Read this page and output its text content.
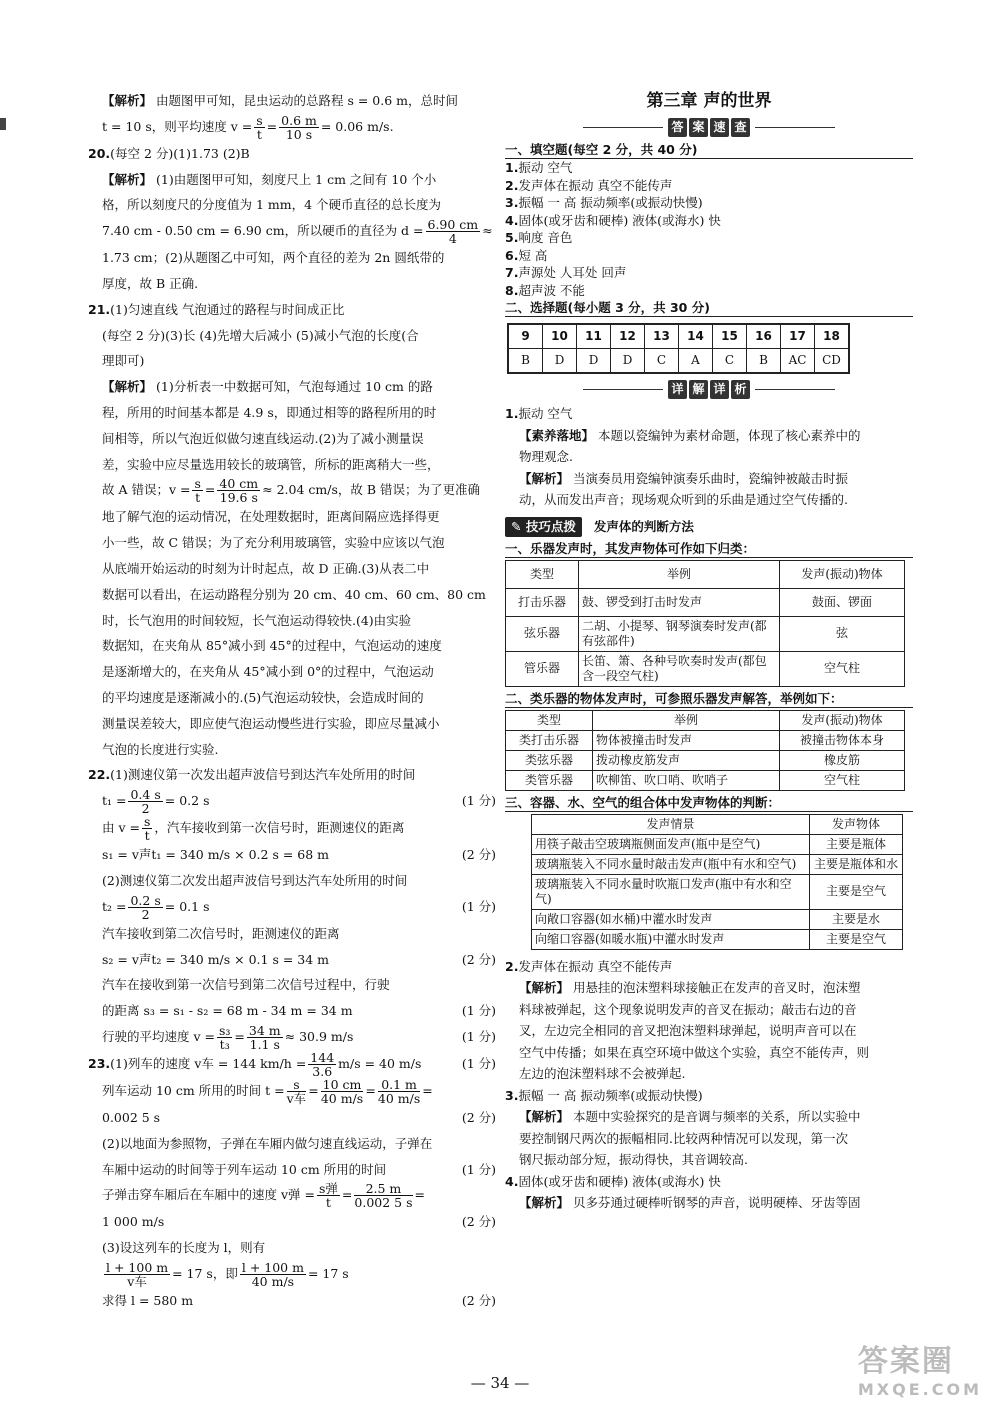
【解析】 由题图甲可知，昆虫运动的总路程 s = 0.6 m，总时间

t = 10 s，则平均速度 $v = \frac{s}{t} = \frac{0.6 m}{10 s} = 0.06$ m/s.

20.(每空 2 分)(1)1.73 (2)B

【解析】 (1)由题图甲可知，刻度尺上 1 cm 之间有 10 个小

格，所以刻度尺的分度值为 1 mm，4 个硬币直径的总长度为

7.40 cm - 0.50 cm = 6.90 cm，所以硬币的直径为 $d = \frac{6.90 cm}{4}$ ≈

1.73 cm；(2)从题图乙中可知，两个直径的差为 2n 圆纸带的

厚度，故 B 正确.

21.(1)匀速直线 气泡通过的路程与时间成正比

(每空 2 分)(3)长 (4)先增大后减小 (5)减小气泡的长度(合

理即可)

【解析】 (1)分析表一中数据可知，气泡每通过 10 cm 的路

程，所用的时间基本都是 4.9 s，即通过相等的路程所用的时

间相等，所以气泡近似做匀速直线运动.(2)为了减小测量误

差，实验中应尽量选用较长的玻璃管，所标的距离稍大一些，

故 A 错误；$v = \frac{s}{t} = \frac{40 cm}{19.6 s} \approx 2.04$ cm/s，故 B 错误；为了更准确

地了解气泡的运动情况，在处理数据时，距离间隔应选择得更

小一些，故 C 错误；为了充分利用玻璃管，实验中应该以气泡

从底端开始运动的时刻为计时起点，故 D 正确.(3)从表二中

数据可以看出，在运动路程分别为 20 cm、40 cm、60 cm、80 cm

时，长气泡用的时间较短，长气泡运动得较快.(4)由实验

数据知，在夹角从 85°减小到 45°的过程中，气泡运动的速度

是逐渐增大的，在夹角从 45°减小到 0°的过程中，气泡运动

的平均速度是逐渐减小的.(5)气泡运动较快，会造成时间的

测量误差较大，即应使气泡运动慢些进行实验，即应尽量减小

气泡的长度进行实验.

22.(1)测速仪第一次发出超声波信号到达汽车处所用的时间

$t_1 = \frac{0.4 s}{2} = 0.2$ s	(1 分)

由 $v = \frac{s}{t}$ ，汽车接收到第一次信号时，距测速仪的距离

s₁ = v声t₁ = 340 m/s × 0.2 s = 68 m	(2 分)

(2)测速仪第二次发出超声波信号到达汽车处所用的时间

$t_2 = \frac{0.2 s}{2} = 0.1$ s	(1 分)

汽车接收到第二次信号时，距测速仪的距离

s₂ = v声t₂ = 340 m/s × 0.1 s = 34 m	(2 分)

汽车在接收到第一次信号到第二次信号过程中，行驶

的距离 s₃ = s₁ - s₂ = 68 m - 34 m = 34 m	(1 分)

行驶的平均速度 $v = \frac{\text{s₃}}{\text{t₃}} = \frac{34 m}{1.1 s} \approx 30.9$ m/s	(1 分)

23.(1)列车的速度 v车 = 144 $km/h = \frac{144}{3.6} m/s = 40$ m/s	(1 分)

列车运动 10 cm 所用的时间 $t = \frac{s}{\text{v车}} = \frac{10 cm}{40 m/s} = \frac{0.1 m}{40 m/s}$ =

0.002 5 s	(2 分)

(2)以地面为参照物，子弹在车厢内做匀速直线运动，子弹在

车厢中运动的时间等于列车运动 10 cm 所用的时间	(1 分)

子弹击穿车厢后在车厢中的速度 v弹 = $\frac{\text{s弹}}{t} = \frac{2.5 m}{0.002 5 s}$ =

1 000 m/s	(2 分)

(3)设这列车的长度为 l，则有

$\frac{l + 100 m}{\text{v车}} = 17$ s，即 $\frac{l + 100 m}{40 m/s} = 17$ s

求得 l = 580 m	(2 分)

第三章 声的世界
答 案 速 查
一、填空题(每空 2 分，共 40 分)

1.振动 空气

2.发声体在振动 真空不能传声

3.振幅 一 高 振动频率(或振动快慢)

4.固体(或牙齿和硬棒) 液体(或海水) 快

5.响度 音色

6.短 高

7.声源处 人耳处 回声

8.超声波 不能

二、选择题(每小题 3 分，共 30 分)
9	10	11	12	13	14	15	16	17	18
B	D	D	D	C	A	C	B	AC	CD
详 解 详 析

1.振动 空气

【素养落地】 本题以瓷编钟为素材命题，体现了核心素养中的

物理观念.

【解析】 当演奏员用瓷编钟演奏乐曲时，瓷编钟被敲击时振

动，从而发出声音；现场观众听到的乐曲是通过空气传播的.

✎ 技巧点拨 发声体的判断方法
一、乐器发声时，其发声物体可作如下归类：
类型	举例	发声(振动)物体
打击乐器	鼓、锣受到打击时发声	鼓面、锣面
弦乐器	二胡、小提琴、钢琴演奏时发声(都有弦部件)	弦
管乐器	长笛、箫、各种号吹奏时发声(都包含一段空气柱)	空气柱
二、类乐器的物体发声时，可参照乐器发声解答，举例如下：
类型	举例	发声(振动)物体
类打击乐器	物体被撞击时发声	被撞击物体本身
类弦乐器	拨动橡皮筋发声	橡皮筋
类管乐器	吹柳笛、吹口哨、吹哨子	空气柱
三、容器、水、空气的组合体中发声物体的判断：
发声情景	发声物体
用筷子敲击空玻璃瓶侧面发声(瓶中是空气)	主要是瓶体
玻璃瓶装入不同水量时敲击发声(瓶中有水和空气)	主要是瓶体和水
玻璃瓶装入不同水量时吹瓶口发声(瓶中有水和空气)	主要是空气
向敞口容器(如水桶)中灌水时发声	主要是水
向缩口容器(如暖水瓶)中灌水时发声	主要是空气

2.发声体在振动 真空不能传声

【解析】 用悬挂的泡沫塑料球接触正在发声的音叉时，泡沫塑

料球被弹起，这个现象说明发声的音叉在振动；敲击右边的音

叉，左边完全相同的音叉把泡沫塑料球弹起，说明声音可以在

空气中传播；如果在真空环境中做这个实验，真空不能传声，则

左边的泡沫塑料球不会被弹起.

3.振幅 一 高 振动频率(或振动快慢)

【解析】 本题中实验探究的是音调与频率的关系，所以实验中

要控制钢尺两次的振幅相同.比较两种情况可以发现，第一次

钢尺振动部分短，振动得快，其音调较高.

4.固体(或牙齿和硬棒) 液体(或海水) 快

【解析】 贝多芬通过硬棒听钢琴的声音，说明硬棒、牙齿等固

— 34 —
答案圈
MXQE.COM
